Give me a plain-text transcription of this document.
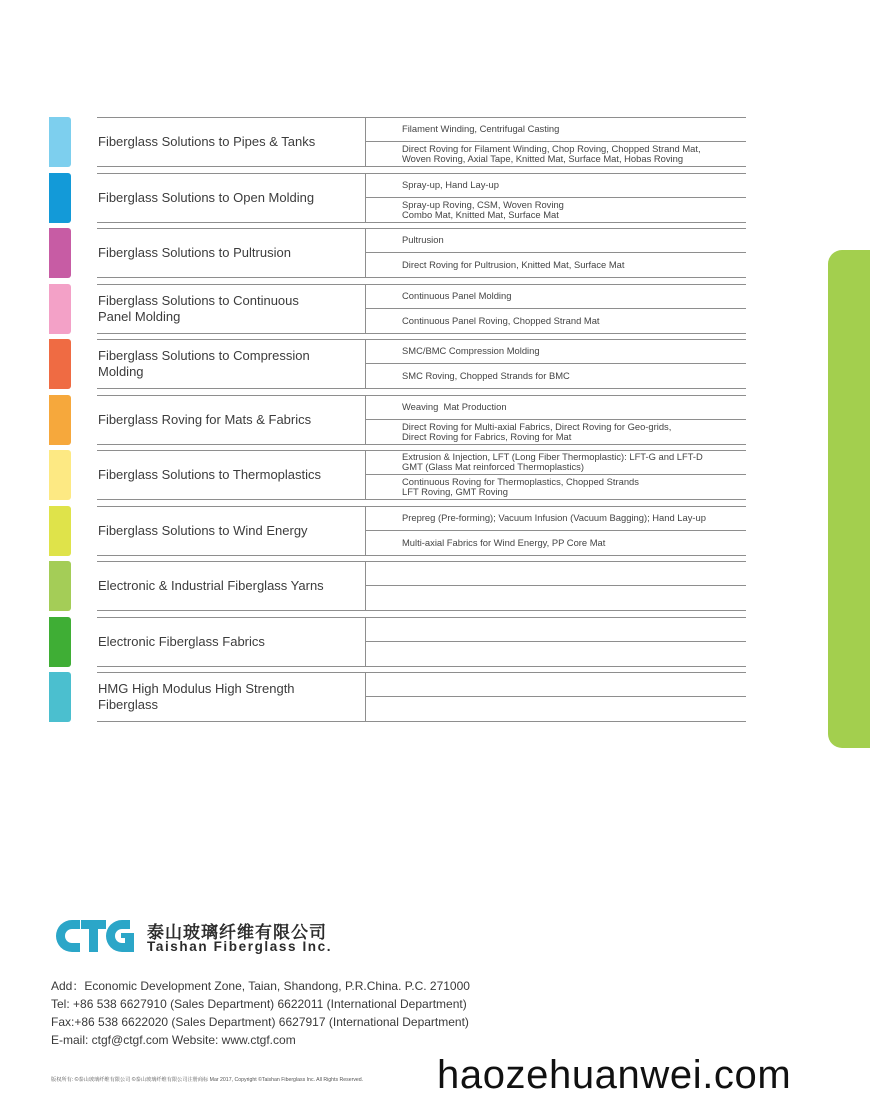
Fiberglass Solutions to Pipes & Tanks
Filament Winding, Centrifugal Casting
Direct Roving for Filament Winding, Chop Roving, Chopped Strand Mat,
Woven Roving, Axial Tape, Knitted Mat, Surface Mat, Hobas Roving
Fiberglass Solutions to Open Molding
Spray-up, Hand Lay-up
Spray-up Roving, CSM, Woven Roving
Combo Mat, Knitted Mat, Surface Mat
Fiberglass Solutions to Pultrusion
Pultrusion
Direct Roving for Pultrusion, Knitted Mat, Surface Mat
Fiberglass Solutions to Continuous
Panel Molding
Continuous Panel Molding
Continuous Panel Roving, Chopped Strand Mat
Fiberglass Solutions to Compression
Molding
SMC/BMC Compression Molding
SMC Roving, Chopped Strands for BMC
Fiberglass Roving for Mats & Fabrics
Weaving  Mat Production
Direct Roving for Multi-axial Fabrics, Direct Roving for Geo-grids,
Direct Roving for Fabrics, Roving for Mat
Fiberglass Solutions to Thermoplastics
Extrusion & Injection, LFT (Long Fiber Thermoplastic): LFT-G and LFT-D
GMT (Glass Mat reinforced Thermoplastics)
Continuous Roving for Thermoplastics, Chopped Strands
LFT Roving, GMT Roving
Fiberglass Solutions to Wind Energy
Prepreg (Pre-forming); Vacuum Infusion (Vacuum Bagging); Hand Lay-up
Multi-axial Fabrics for Wind Energy, PP Core Mat
Electronic & Industrial Fiberglass Yarns
Electronic Fiberglass Fabrics
HMG High Modulus High Strength
Fiberglass
泰山玻璃纤维有限公司
Taishan Fiberglass Inc.
Add：Economic Development Zone, Taian, Shandong, P.R.China. P.C. 271000
Tel: +86 538 6627910 (Sales Department) 6622011 (International Department)
Fax:+86 538 6622020 (Sales Department) 6627917 (International Department)
E-mail: ctgf@ctgf.com Website: www.ctgf.com
版权所有: ©泰山玻璃纤维有限公司 ©泰山玻璃纤维有限公司注册商标 Mar 2017, Copyright ©Taishan Fiberglass Inc. All Rights Reserved. haozehuanwei.com
